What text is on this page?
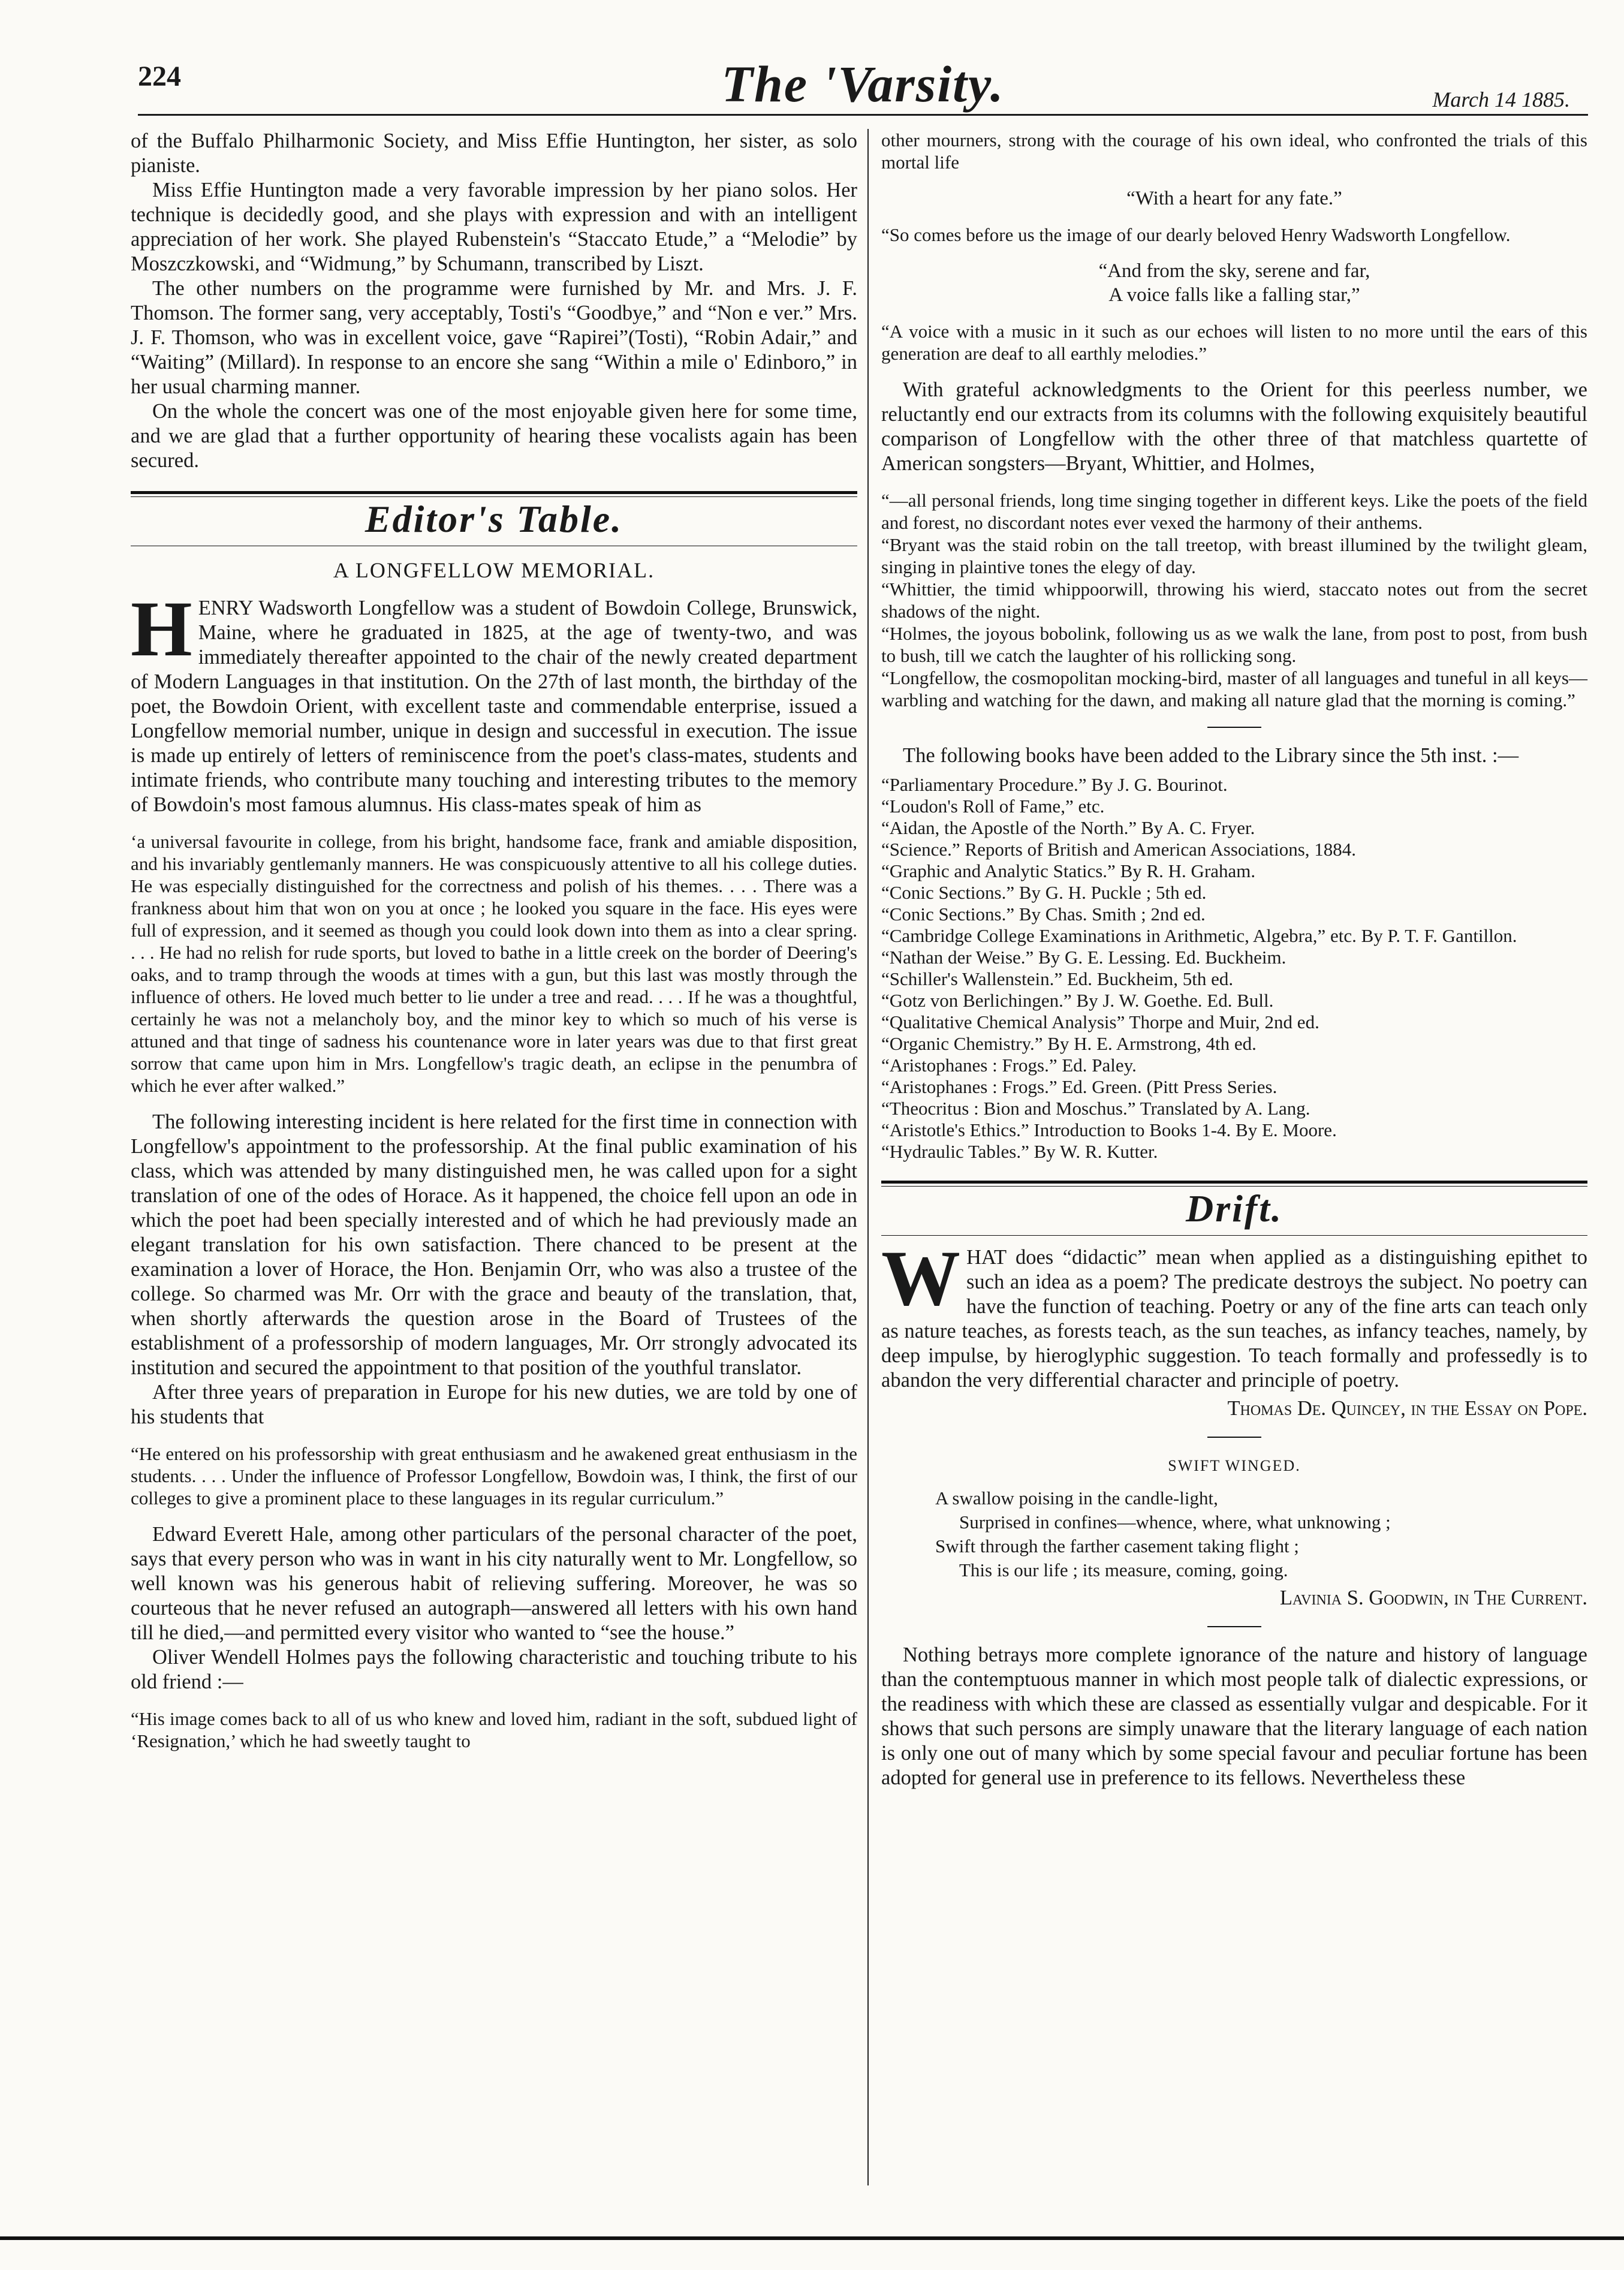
224	The 'Varsity.	March 14 1885.

of the Buffalo Philharmonic Society, and Miss Effie Huntington, her sister, as solo pianiste.

Miss Effie Huntington made a very favorable impression by her piano solos. Her technique is decidedly good, and she plays with expression and with an intelligent appreciation of her work. She played Rubenstein's “Staccato Etude,” a “Melodie” by Moszczkowski, and “Widmung,” by Schumann, transcribed by Liszt.

The other numbers on the programme were furnished by Mr. and Mrs. J. F. Thomson. The former sang, very acceptably, Tosti's “Goodbye,” and “Non e ver.” Mrs. J. F. Thomson, who was in excellent voice, gave “Rapirei”(Tosti), “Robin Adair,” and “Waiting” (Millard). In response to an encore she sang “Within a mile o' Edinboro,” in her usual charming manner.

On the whole the concert was one of the most enjoyable given here for some time, and we are glad that a further opportunity of hearing these vocalists again has been secured.

Editor's Table.
A LONGFELLOW MEMORIAL.

HENRY Wadsworth Longfellow was a student of Bowdoin College, Brunswick, Maine, where he graduated in 1825, at the age of twenty-two, and was immediately thereafter appointed to the chair of the newly created department of Modern Languages in that institution. On the 27th of last month, the birthday of the poet, the Bowdoin Orient, with excellent taste and commendable enterprise, issued a Longfellow memorial number, unique in design and successful in execution. The issue is made up entirely of letters of reminiscence from the poet's class-mates, students and intimate friends, who contribute many touching and interesting tributes to the memory of Bowdoin's most famous alumnus. His class-mates speak of him as

‘a universal favourite in college, from his bright, handsome face, frank and amiable disposition, and his invariably gentlemanly manners. He was conspicuously attentive to all his college duties. He was especially distinguished for the correctness and polish of his themes. . . . There was a frankness about him that won on you at once ; he looked you square in the face. His eyes were full of expression, and it seemed as though you could look down into them as into a clear spring. . . . He had no relish for rude sports, but loved to bathe in a little creek on the border of Deering's oaks, and to tramp through the woods at times with a gun, but this last was mostly through the influence of others. He loved much better to lie under a tree and read. . . . If he was a thoughtful, certainly he was not a melancholy boy, and the minor key to which so much of his verse is attuned and that tinge of sadness his countenance wore in later years was due to that first great sorrow that came upon him in Mrs. Longfellow's tragic death, an eclipse in the penumbra of which he ever after walked.”

The following interesting incident is here related for the first time in connection with Longfellow's appointment to the professorship. At the final public examination of his class, which was attended by many distinguished men, he was called upon for a sight translation of one of the odes of Horace. As it happened, the choice fell upon an ode in which the poet had been specially interested and of which he had previously made an elegant translation for his own satisfaction. There chanced to be present at the examination a lover of Horace, the Hon. Benjamin Orr, who was also a trustee of the college. So charmed was Mr. Orr with the grace and beauty of the translation, that, when shortly afterwards the question arose in the Board of Trustees of the establishment of a professorship of modern languages, Mr. Orr strongly advocated its institution and secured the appointment to that position of the youthful translator.

After three years of preparation in Europe for his new duties, we are told by one of his students that

“He entered on his professorship with great enthusiasm and he awakened great enthusiasm in the students. . . . Under the influence of Professor Longfellow, Bowdoin was, I think, the first of our colleges to give a prominent place to these languages in its regular curriculum.”

Edward Everett Hale, among other particulars of the personal character of the poet, says that every person who was in want in his city naturally went to Mr. Longfellow, so well known was his generous habit of relieving suffering. Moreover, he was so courteous that he never refused an autograph—answered all letters with his own hand till he died,—and permitted every visitor who wanted to “see the house.”

Oliver Wendell Holmes pays the following characteristic and touching tribute to his old friend :—

“His image comes back to all of us who knew and loved him, radiant in the soft, subdued light of ‘Resignation,’ which he had sweetly taught to

other mourners, strong with the courage of his own ideal, who confronted the trials of this mortal life

“With a heart for any fate.”

“So comes before us the image of our dearly beloved Henry Wadsworth Longfellow.

“And from the sky, serene and far,
A voice falls like a falling star,”

“A voice with a music in it such as our echoes will listen to no more until the ears of this generation are deaf to all earthly melodies.”

With grateful acknowledgments to the Orient for this peerless number, we reluctantly end our extracts from its columns with the following exquisitely beautiful comparison of Longfellow with the other three of that matchless quartette of American songsters—Bryant, Whittier, and Holmes,

“—all personal friends, long time singing together in different keys. Like the poets of the field and forest, no discordant notes ever vexed the harmony of their anthems.

“Bryant was the staid robin on the tall treetop, with breast illumined by the twilight gleam, singing in plaintive tones the elegy of day.

“Whittier, the timid whippoorwill, throwing his wierd, staccato notes out from the secret shadows of the night.

“Holmes, the joyous bobolink, following us as we walk the lane, from post to post, from bush to bush, till we catch the laughter of his rollicking song.

“Longfellow, the cosmopolitan mocking-bird, master of all languages and tuneful in all keys—warbling and watching for the dawn, and making all nature glad that the morning is coming.”

The following books have been added to the Library since the 5th inst. :—

“Parliamentary Procedure.” By J. G. Bourinot.
“Loudon's Roll of Fame,” etc.
“Aidan, the Apostle of the North.” By A. C. Fryer.
“Science.” Reports of British and American Associations, 1884.
“Graphic and Analytic Statics.” By R. H. Graham.
“Conic Sections.” By G. H. Puckle ; 5th ed.
“Conic Sections.” By Chas. Smith ; 2nd ed.
“Cambridge College Examinations in Arithmetic, Algebra,” etc. By P. T. F. Gantillon.
“Nathan der Weise.” By G. E. Lessing. Ed. Buckheim.
“Schiller's Wallenstein.” Ed. Buckheim, 5th ed.
“Gotz von Berlichingen.” By J. W. Goethe. Ed. Bull.
“Qualitative Chemical Analysis” Thorpe and Muir, 2nd ed.
“Organic Chemistry.” By H. E. Armstrong, 4th ed.
“Aristophanes : Frogs.” Ed. Paley.
“Aristophanes : Frogs.” Ed. Green. (Pitt Press Series.
“Theocritus : Bion and Moschus.” Translated by A. Lang.
“Aristotle's Ethics.” Introduction to Books 1-4. By E. Moore.
“Hydraulic Tables.” By W. R. Kutter.
Drift.

WHAT does “didactic” mean when applied as a distinguishing epithet to such an idea as a poem? The predicate destroys the subject. No poetry can have the function of teaching. Poetry or any of the fine arts can teach only as nature teaches, as forests teach, as the sun teaches, as infancy teaches, namely, by deep impulse, by hieroglyphic suggestion. To teach formally and professedly is to abandon the very differential character and principle of poetry.

Thomas De. Quincey, in the Essay on Pope.
SWIFT WINGED.
A swallow poising in the candle-light,
Surprised in confines—whence, where, what unknowing ;
Swift through the farther casement taking flight ;
This is our life ; its measure, coming, going.
Lavinia S. Goodwin, in The Current.

Nothing betrays more complete ignorance of the nature and history of language than the contemptuous manner in which most people talk of dialectic expressions, or the readiness with which these are classed as essentially vulgar and despicable. For it shows that such persons are simply unaware that the literary language of each nation is only one out of many which by some special favour and peculiar fortune has been adopted for general use in preference to its fellows. Nevertheless these
